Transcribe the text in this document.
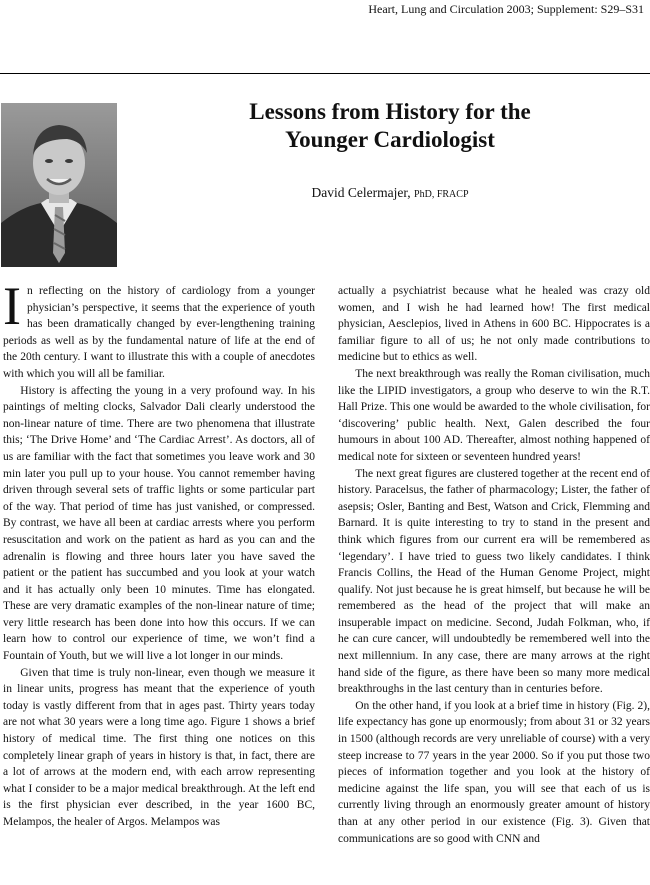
Heart, Lung and Circulation 2003; Supplement: S29–S31
Lessons from History for the
Younger Cardiologist
David Celermajer, PhD, FRACP

In reflecting on the history of cardiology from a younger physician’s perspective, it seems that the experience of youth has been dramatically changed by ever-lengthening training periods as well as by the fundamental nature of life at the end of the 20th century. I want to illustrate this with a couple of anecdotes with which you will all be familiar.

History is affecting the young in a very profound way. In his paintings of melting clocks, Salvador Dali clearly understood the non-linear nature of time. There are two phenomena that illustrate this; ‘The Drive Home’ and ‘The Cardiac Arrest’. As doctors, all of us are familiar with the fact that sometimes you leave work and 30 min later you pull up to your house. You cannot remember having driven through several sets of traffic lights or some particular part of the way. That period of time has just vanished, or compressed. By contrast, we have all been at cardiac arrests where you perform resuscitation and work on the patient as hard as you can and the adrenalin is flowing and three hours later you have saved the patient or the patient has succumbed and you look at your watch and it has actually only been 10 minutes. Time has elongated. These are very dramatic examples of the non-linear nature of time; very little research has been done into how this occurs. If we can learn how to control our experience of time, we won’t find a Fountain of Youth, but we will live a lot longer in our minds.

Given that time is truly non-linear, even though we measure it in linear units, progress has meant that the experience of youth today is vastly different from that in ages past. Thirty years today are not what 30 years were a long time ago. Figure 1 shows a brief history of medical time. The first thing one notices on this completely linear graph of years in history is that, in fact, there are a lot of arrows at the modern end, with each arrow representing what I consider to be a major medical breakthrough. At the left end is the first physician ever described, in the year 1600 BC, Melampos, the healer of Argos. Melampos was

actually a psychiatrist because what he healed was crazy old women, and I wish he had learned how! The first medical physician, Aesclepios, lived in Athens in 600 BC. Hippocrates is a familiar figure to all of us; he not only made contributions to medicine but to ethics as well.

The next breakthrough was really the Roman civilisation, much like the LIPID investigators, a group who deserve to win the R.T. Hall Prize. This one would be awarded to the whole civilisation, for ‘discovering’ public health. Next, Galen described the four humours in about 100 AD. Thereafter, almost nothing happened of medical note for sixteen or seventeen hundred years!

The next great figures are clustered together at the recent end of history. Paracelsus, the father of pharmacology; Lister, the father of asepsis; Osler, Banting and Best, Watson and Crick, Flemming and Barnard. It is quite interesting to try to stand in the present and think which figures from our current era will be remembered as ‘legendary’. I have tried to guess two likely candidates. I think Francis Collins, the Head of the Human Genome Project, might qualify. Not just because he is great himself, but because he will be remembered as the head of the project that will make an insuperable impact on medicine. Second, Judah Folkman, who, if he can cure cancer, will undoubtedly be remembered well into the next millennium. In any case, there are many arrows at the right hand side of the figure, as there have been so many more medical breakthroughs in the last century than in centuries before.

On the other hand, if you look at a brief time in history (Fig. 2), life expectancy has gone up enormously; from about 31 or 32 years in 1500 (although records are very unreliable of course) with a very steep increase to 77 years in the year 2000. So if you put those two pieces of information together and you look at the history of medicine against the life span, you will see that each of us is currently living through an enormously greater amount of history than at any other period in our existence (Fig. 3). Given that communications are so good with CNN and
